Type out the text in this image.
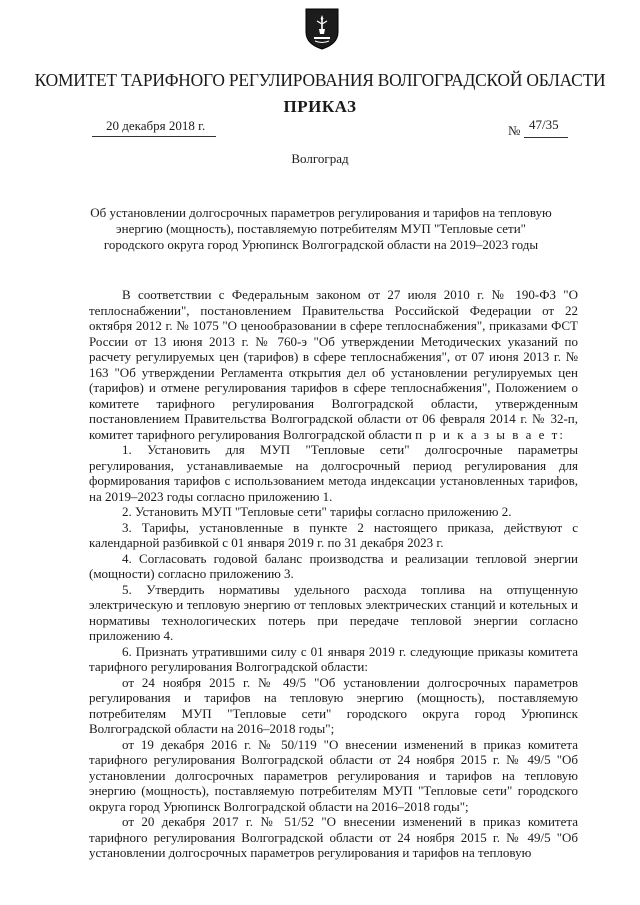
КОМИТЕТ ТАРИФНОГО РЕГУЛИРОВАНИЯ ВОЛГОГРАДСКОЙ ОБЛАСТИ
ПРИКАЗ
20 декабря 2018 г.	№ 47/35
Волгоград
Об установлении долгосрочных параметров регулирования и тарифов на тепловую энергию (мощность), поставляемую потребителям МУП "Тепловые сети" городского округа город Урюпинск Волгоградской области на 2019–2023 годы

В соответствии с Федеральным законом от 27 июля 2010 г. № 190-ФЗ "О теплоснабжении", постановлением Правительства Российской Федерации от 22 октября 2012 г. № 1075 "О ценообразовании в сфере теплоснабжения", приказами ФСТ России от 13 июня 2013 г. № 760-э "Об утверждении Методических указаний по расчету регулируемых цен (тарифов) в сфере теплоснабжения", от 07 июня 2013 г. № 163 "Об утверждении Регламента открытия дел об установлении регулируемых цен (тарифов) и отмене регулирования тарифов в сфере теплоснабжения", Положением о комитете тарифного регулирования Волгоградской области, утвержденным постановлением Правительства Волгоградской области от 06 февраля 2014 г. № 32-п, комитет тарифного регулирования Волгоградской области п р и к а з ы в а е т:

1. Установить для МУП "Тепловые сети" долгосрочные параметры регулирования, устанавливаемые на долгосрочный период регулирования для формирования тарифов с использованием метода индексации установленных тарифов, на 2019–2023 годы согласно приложению 1.

2. Установить МУП "Тепловые сети" тарифы согласно приложению 2.

3. Тарифы, установленные в пункте 2 настоящего приказа, действуют с календарной разбивкой с 01 января 2019 г. по 31 декабря 2023 г.

4. Согласовать годовой баланс производства и реализации тепловой энергии (мощности) согласно приложению 3.

5. Утвердить нормативы удельного расхода топлива на отпущенную электрическую и тепловую энергию от тепловых электрических станций и котельных и нормативы технологических потерь при передаче тепловой энергии согласно приложению 4.

6. Признать утратившими силу с 01 января 2019 г. следующие приказы комитета тарифного регулирования Волгоградской области:

от 24 ноября 2015 г. № 49/5 "Об установлении долгосрочных параметров регулирования и тарифов на тепловую энергию (мощность), поставляемую потребителям МУП "Тепловые сети" городского округа город Урюпинск Волгоградской области на 2016–2018 годы";

от 19 декабря 2016 г. № 50/119 "О внесении изменений в приказ комитета тарифного регулирования Волгоградской области от 24 ноября 2015 г. № 49/5 "Об установлении долгосрочных параметров регулирования и тарифов на тепловую энергию (мощность), поставляемую потребителям МУП "Тепловые сети" городского округа город Урюпинск Волгоградской области на 2016–2018 годы";

от 20 декабря 2017 г. № 51/52 "О внесении изменений в приказ комитета тарифного регулирования Волгоградской области от 24 ноября 2015 г. № 49/5 "Об установлении долгосрочных параметров регулирования и тарифов на тепловую
